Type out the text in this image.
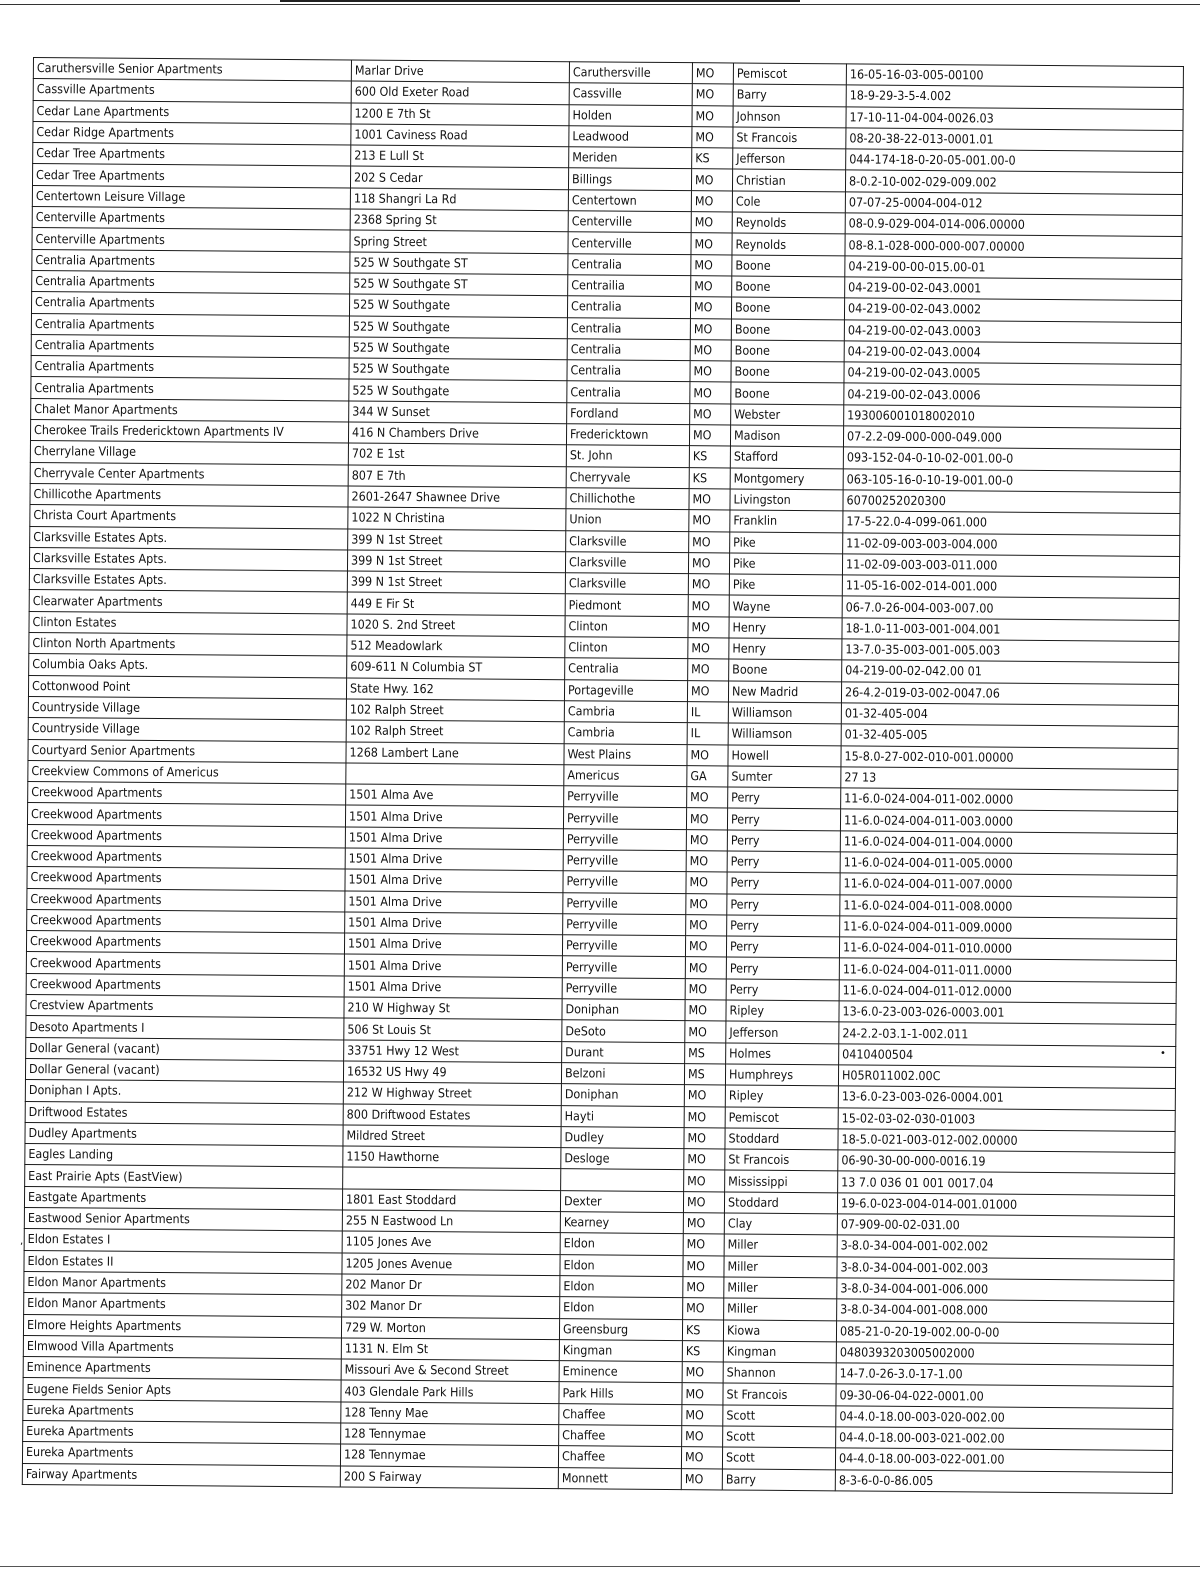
•
,
Caruthersville Senior Apartments	Marlar Drive	Caruthersville	MO	Pemiscot	16-05-16-03-005-00100
Cassville Apartments	600 Old Exeter Road	Cassville	MO	Barry	18-9-29-3-5-4.002
Cedar Lane Apartments	1200 E 7th St	Holden	MO	Johnson	17-10-11-04-004-0026.03
Cedar Ridge Apartments	1001 Caviness Road	Leadwood	MO	St Francois	08-20-38-22-013-0001.01
Cedar Tree Apartments	213 E Lull St	Meriden	KS	Jefferson	044-174-18-0-20-05-001.00-0
Cedar Tree Apartments	202 S Cedar	Billings	MO	Christian	8-0.2-10-002-029-009.002
Centertown Leisure Village	118 Shangri La Rd	Centertown	MO	Cole	07-07-25-0004-004-012
Centerville Apartments	2368 Spring St	Centerville	MO	Reynolds	08-0.9-029-004-014-006.00000
Centerville Apartments	Spring Street	Centerville	MO	Reynolds	08-8.1-028-000-000-007.00000
Centralia Apartments	525 W Southgate ST	Centralia	MO	Boone	04-219-00-00-015.00-01
Centralia Apartments	525 W Southgate ST	Centrailia	MO	Boone	04-219-00-02-043.0001
Centralia Apartments	525 W Southgate	Centralia	MO	Boone	04-219-00-02-043.0002
Centralia Apartments	525 W Southgate	Centralia	MO	Boone	04-219-00-02-043.0003
Centralia Apartments	525 W Southgate	Centralia	MO	Boone	04-219-00-02-043.0004
Centralia Apartments	525 W Southgate	Centralia	MO	Boone	04-219-00-02-043.0005
Centralia Apartments	525 W Southgate	Centralia	MO	Boone	04-219-00-02-043.0006
Chalet Manor Apartments	344 W Sunset	Fordland	MO	Webster	193006001018002010
Cherokee Trails Fredericktown Apartments IV	416 N Chambers Drive	Fredericktown	MO	Madison	07-2.2-09-000-000-049.000
Cherrylane Village	702 E 1st	St. John	KS	Stafford	093-152-04-0-10-02-001.00-0
Cherryvale Center Apartments	807 E 7th	Cherryvale	KS	Montgomery	063-105-16-0-10-19-001.00-0
Chillicothe Apartments	2601-2647 Shawnee Drive	Chillichothe	MO	Livingston	60700252020300
Christa Court Apartments	1022 N Christina	Union	MO	Franklin	17-5-22.0-4-099-061.000
Clarksville Estates Apts.	399 N 1st Street	Clarksville	MO	Pike	11-02-09-003-003-004.000
Clarksville Estates Apts.	399 N 1st Street	Clarksville	MO	Pike	11-02-09-003-003-011.000
Clarksville Estates Apts.	399 N 1st Street	Clarksville	MO	Pike	11-05-16-002-014-001.000
Clearwater Apartments	449 E Fir St	Piedmont	MO	Wayne	06-7.0-26-004-003-007.00
Clinton Estates	1020 S. 2nd Street	Clinton	MO	Henry	18-1.0-11-003-001-004.001
Clinton North Apartments	512 Meadowlark	Clinton	MO	Henry	13-7.0-35-003-001-005.003
Columbia Oaks Apts.	609-611 N Columbia ST	Centralia	MO	Boone	04-219-00-02-042.00 01
Cottonwood Point	State Hwy. 162	Portageville	MO	New Madrid	26-4.2-019-03-002-0047.06
Countryside Village	102 Ralph Street	Cambria	IL	Williamson	01-32-405-004
Countryside Village	102 Ralph Street	Cambria	IL	Williamson	01-32-405-005
Courtyard Senior Apartments	1268 Lambert Lane	West Plains	MO	Howell	15-8.0-27-002-010-001.00000
Creekview Commons of Americus		Americus	GA	Sumter	27 13
Creekwood Apartments	1501 Alma Ave	Perryville	MO	Perry	11-6.0-024-004-011-002.0000
Creekwood Apartments	1501 Alma Drive	Perryville	MO	Perry	11-6.0-024-004-011-003.0000
Creekwood Apartments	1501 Alma Drive	Perryville	MO	Perry	11-6.0-024-004-011-004.0000
Creekwood Apartments	1501 Alma Drive	Perryville	MO	Perry	11-6.0-024-004-011-005.0000
Creekwood Apartments	1501 Alma Drive	Perryville	MO	Perry	11-6.0-024-004-011-007.0000
Creekwood Apartments	1501 Alma Drive	Perryville	MO	Perry	11-6.0-024-004-011-008.0000
Creekwood Apartments	1501 Alma Drive	Perryville	MO	Perry	11-6.0-024-004-011-009.0000
Creekwood Apartments	1501 Alma Drive	Perryville	MO	Perry	11-6.0-024-004-011-010.0000
Creekwood Apartments	1501 Alma Drive	Perryville	MO	Perry	11-6.0-024-004-011-011.0000
Creekwood Apartments	1501 Alma Drive	Perryville	MO	Perry	11-6.0-024-004-011-012.0000
Crestview Apartments	210 W Highway St	Doniphan	MO	Ripley	13-6.0-23-003-026-0003.001
Desoto Apartments I	506 St Louis St	DeSoto	MO	Jefferson	24-2.2-03.1-1-002.011
Dollar General (vacant)	33751 Hwy 12 West	Durant	MS	Holmes	0410400504
Dollar General (vacant)	16532 US Hwy 49	Belzoni	MS	Humphreys	H05R011002.00C
Doniphan I Apts.	212 W Highway Street	Doniphan	MO	Ripley	13-6.0-23-003-026-0004.001
Driftwood Estates	800 Driftwood Estates	Hayti	MO	Pemiscot	15-02-03-02-030-01003
Dudley Apartments	Mildred Street	Dudley	MO	Stoddard	18-5.0-021-003-012-002.00000
Eagles Landing	1150 Hawthorne	Desloge	MO	St Francois	06-90-30-00-000-0016.19
East Prairie Apts (EastView)			MO	Mississippi	13 7.0 036 01 001 0017.04
Eastgate Apartments	1801 East Stoddard	Dexter	MO	Stoddard	19-6.0-023-004-014-001.01000
Eastwood Senior Apartments	255 N Eastwood Ln	Kearney	MO	Clay	07-909-00-02-031.00
Eldon Estates I	1105 Jones Ave	Eldon	MO	Miller	3-8.0-34-004-001-002.002
Eldon Estates II	1205 Jones Avenue	Eldon	MO	Miller	3-8.0-34-004-001-002.003
Eldon Manor Apartments	202 Manor Dr	Eldon	MO	Miller	3-8.0-34-004-001-006.000
Eldon Manor Apartments	302 Manor Dr	Eldon	MO	Miller	3-8.0-34-004-001-008.000
Elmore Heights Apartments	729 W. Morton	Greensburg	KS	Kiowa	085-21-0-20-19-002.00-0-00
Elmwood Villa Apartments	1131 N. Elm St	Kingman	KS	Kingman	0480393203005002000
Eminence Apartments	Missouri Ave & Second Street	Eminence	MO	Shannon	14-7.0-26-3.0-17-1.00
Eugene Fields Senior Apts	403 Glendale Park Hills	Park Hills	MO	St Francois	09-30-06-04-022-0001.00
Eureka Apartments	128 Tenny Mae	Chaffee	MO	Scott	04-4.0-18.00-003-020-002.00
Eureka Apartments	128 Tennymae	Chaffee	MO	Scott	04-4.0-18.00-003-021-002.00
Eureka Apartments	128 Tennymae	Chaffee	MO	Scott	04-4.0-18.00-003-022-001.00
Fairway Apartments	200 S Fairway	Monnett	MO	Barry	8-3-6-0-0-86.005
